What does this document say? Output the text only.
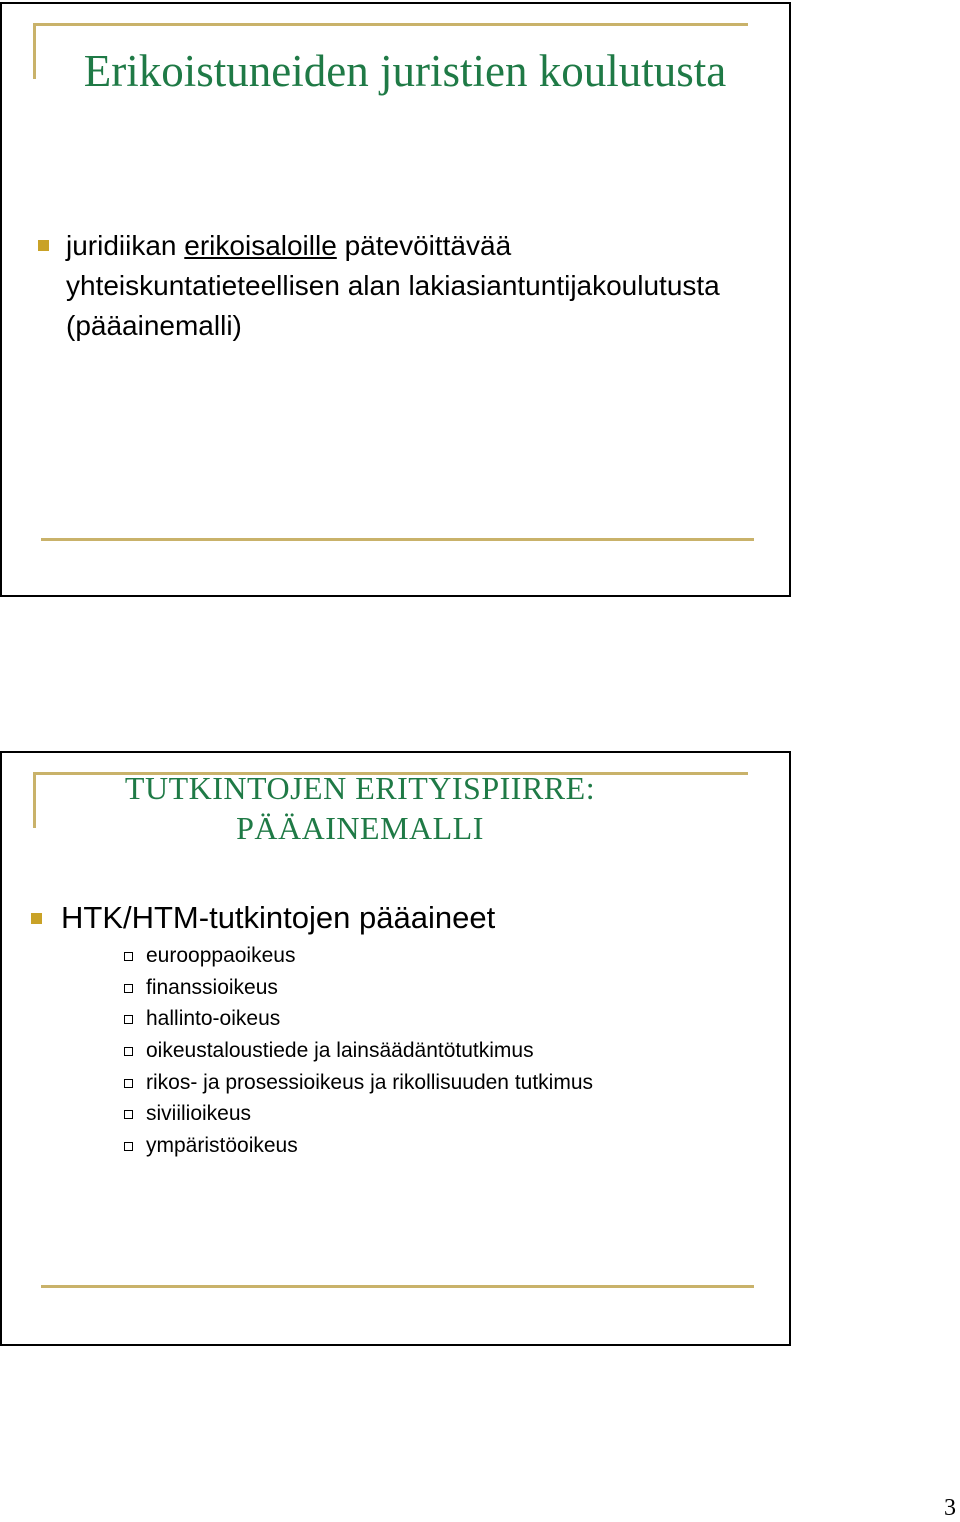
Erikoistuneiden juristien koulutusta
juridiikan erikoisaloille pätevöittävää yhteiskuntatieteellisen alan lakiasiantuntijakoulutusta (pääainemalli)
TUTKINTOJEN ERITYISPIIRRE:
PÄÄAINEMALLI
HTK/HTM-tutkintojen pääaineet
eurooppaoikeus
finanssioikeus
hallinto-oikeus
oikeustaloustiede ja lainsäädäntötutkimus
rikos- ja prosessioikeus ja rikollisuuden tutkimus
siviilioikeus
ympäristöoikeus
3
